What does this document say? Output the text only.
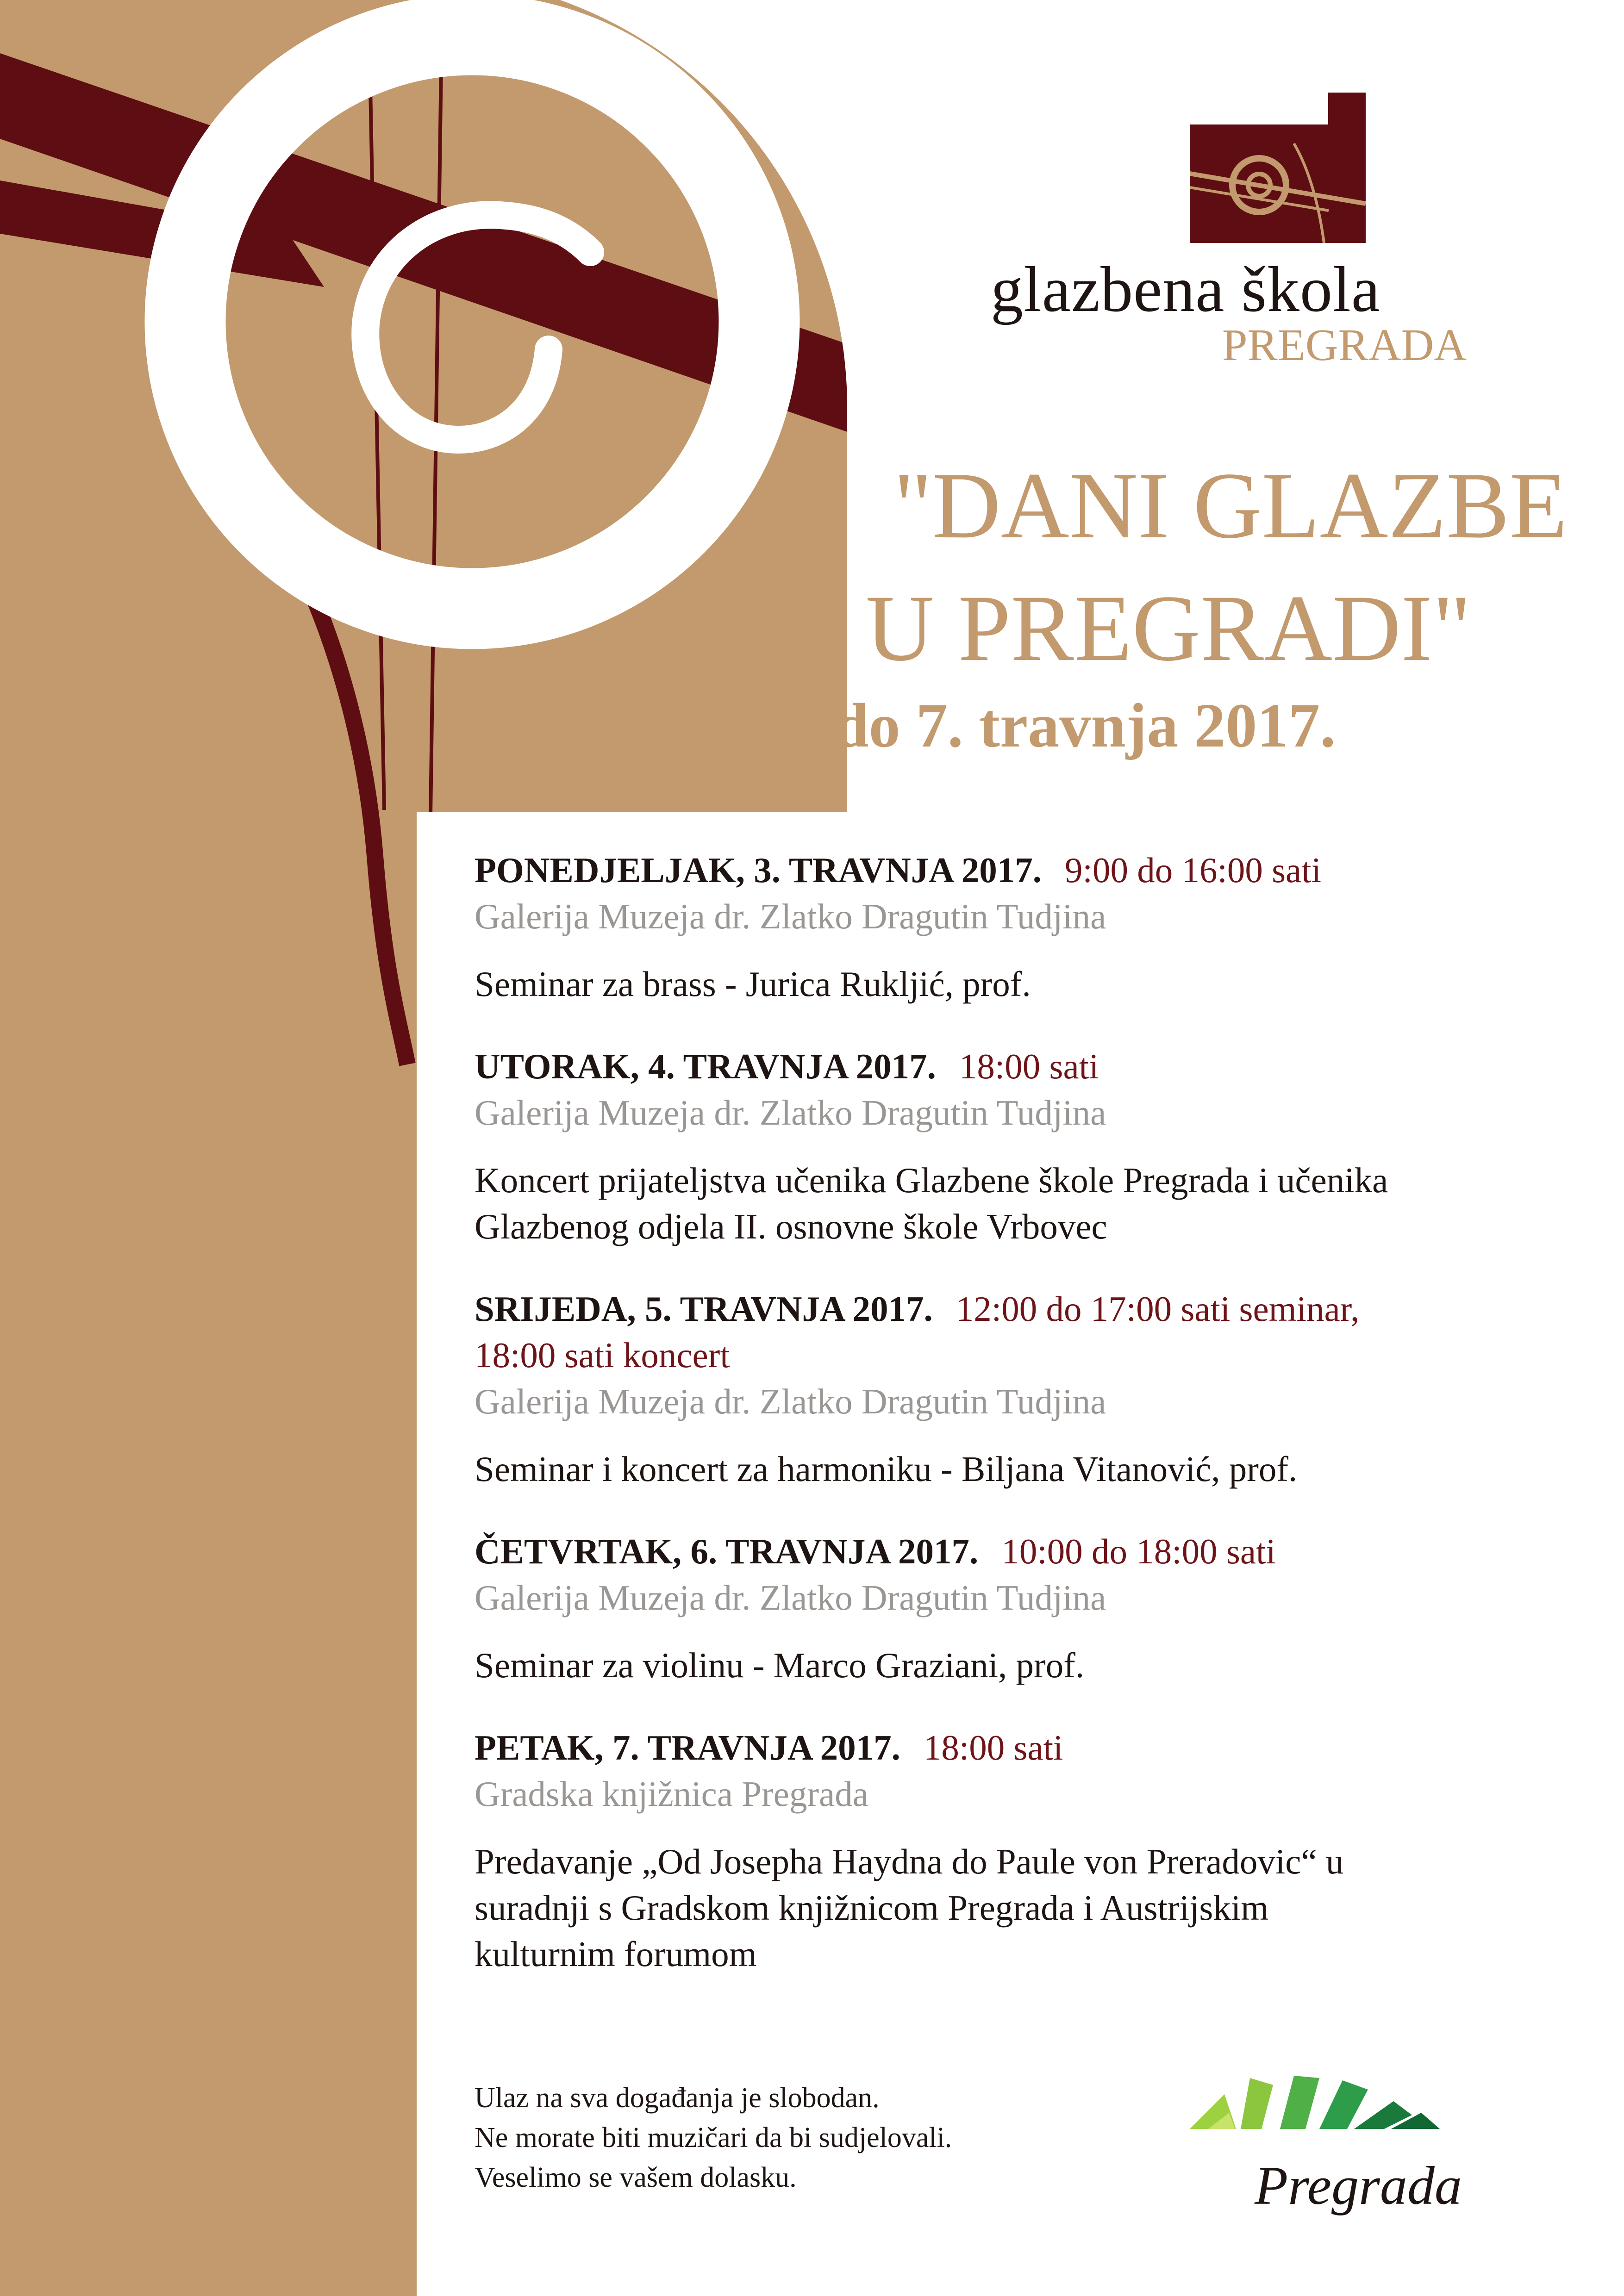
glazbena škola
PREGRADA
"DANI GLAZBE
U PREGRADI"
3. do 7. travnja 2017.
PONEDJELJAK, 3. TRAVNJA 2017. 9:00 do 16:00 sati
Galerija Muzeja dr. Zlatko Dragutin Tudjina
Seminar za brass - Jurica Rukljić, prof.
UTORAK, 4. TRAVNJA 2017. 18:00 sati
Galerija Muzeja dr. Zlatko Dragutin Tudjina
Koncert prijateljstva učenika Glazbene škole Pregrada i učenika
Glazbenog odjela II. osnovne škole Vrbovec
SRIJEDA, 5. TRAVNJA 2017. 12:00 do 17:00 sati seminar,
18:00 sati koncert
Galerija Muzeja dr. Zlatko Dragutin Tudjina
Seminar i koncert za harmoniku - Biljana Vitanović, prof.
ČETVRTAK, 6. TRAVNJA 2017. 10:00 do 18:00 sati
Galerija Muzeja dr. Zlatko Dragutin Tudjina
Seminar za violinu - Marco Graziani, prof.
PETAK, 7. TRAVNJA 2017. 18:00 sati
Gradska knjižnica Pregrada
Predavanje „Od Josepha Haydna do Paule von Preradovic“ u
suradnji s Gradskom knjižnicom Pregrada i Austrijskim
kulturnim forumom
Ulaz na sva događanja je slobodan.
Ne morate biti muzičari da bi sudjelovali.
Veselimo se vašem dolasku.	Pregrada
